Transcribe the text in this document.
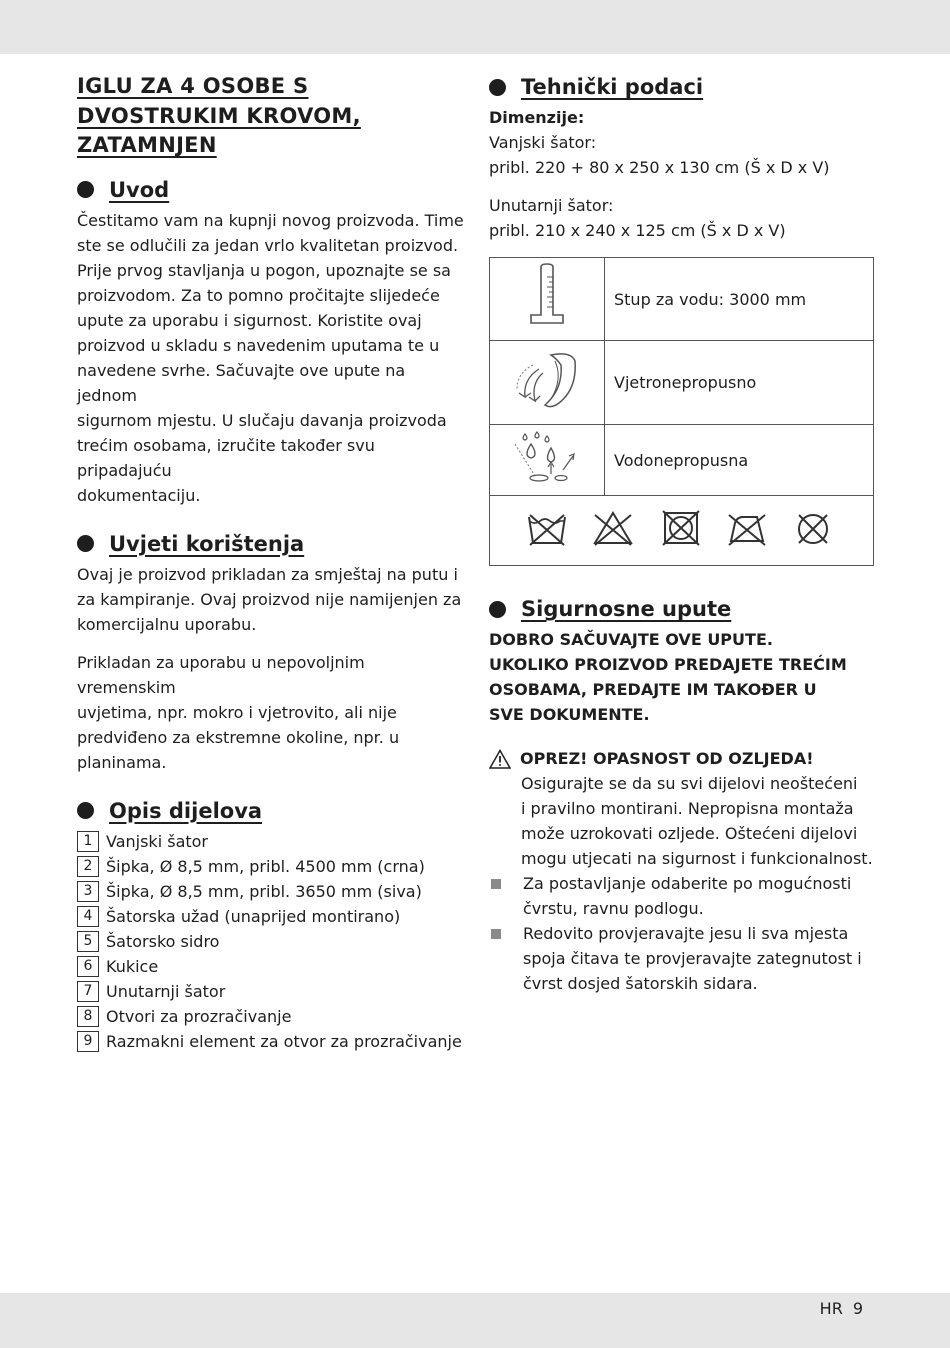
IGLU ZA 4 OSOBE S
DVOSTRUKIM KROVOM,
ZATAMNJEN
Uvod

Čestitamo vam na kupnji novog proizvoda. Time

ste se odlučili za jedan vrlo kvalitetan proizvod.

Prije prvog stavljanja u pogon, upoznajte se sa

proizvodom. Za to pomno pročitajte slijedeće

upute za uporabu i sigurnost. Koristite ovaj

proizvod u skladu s navedenim uputama te u

navedene svrhe. Sačuvajte ove upute na jednom

sigurnom mjestu. U slučaju davanja proizvoda

trećim osobama, izručite također svu pripadajuću

dokumentaciju.

Uvjeti korištenja

Ovaj je proizvod prikladan za smještaj na putu i

za kampiranje. Ovaj proizvod nije namijenjen za

komercijalnu uporabu.

Prikladan za uporabu u nepovoljnim vremenskim

uvjetima, npr. mokro i vjetrovito, ali nije

predviđeno za ekstremne okoline, npr. u

planinama.

Opis dijelova
1 Vanjski šator
2 Šipka, Ø 8,5 mm, pribl. 4500 mm (crna)
3 Šipka, Ø 8,5 mm, pribl. 3650 mm (siva)
4 Šatorska užad (unaprijed montirano)
5 Šatorsko sidro
6 Kukice
7 Unutarnji šator
8 Otvori za prozračivanje
9 Razmakni element za otvor za prozračivanje
Tehnički podaci

Dimenzije:

Vanjski šator:

pribl. 220 + 80 x 250 x 130 cm (Š x D x V)

Unutarnji šator:

pribl. 210 x 240 x 125 cm (Š x D x V)

	Stup za vodu: 3000 mm
	Vjetronepropusno
	Vodonepropusna

Sigurnosne upute

DOBRO SAČUVAJTE OVE UPUTE.

UKOLIKO PROIZVOD PREDAJETE TREĆIM

OSOBAMA, PREDAJTE IM TAKOĐER U

SVE DOKUMENTE.

OPREZ! OPASNOST OD OZLJEDA!

Osigurajte se da su svi dijelovi neoštećeni

i pravilno montirani. Nepropisna montaža

može uzrokovati ozljede. Oštećeni dijelovi

mogu utjecati na sigurnost i funkcionalnost.

Za postavljanje odaberite po mogućnosti

čvrstu, ravnu podlogu.

Redovito provjeravajte jesu li sva mjesta

spoja čitava te provjeravajte zategnutost i

čvrst dosjed šatorskih sidara.

HR 9
